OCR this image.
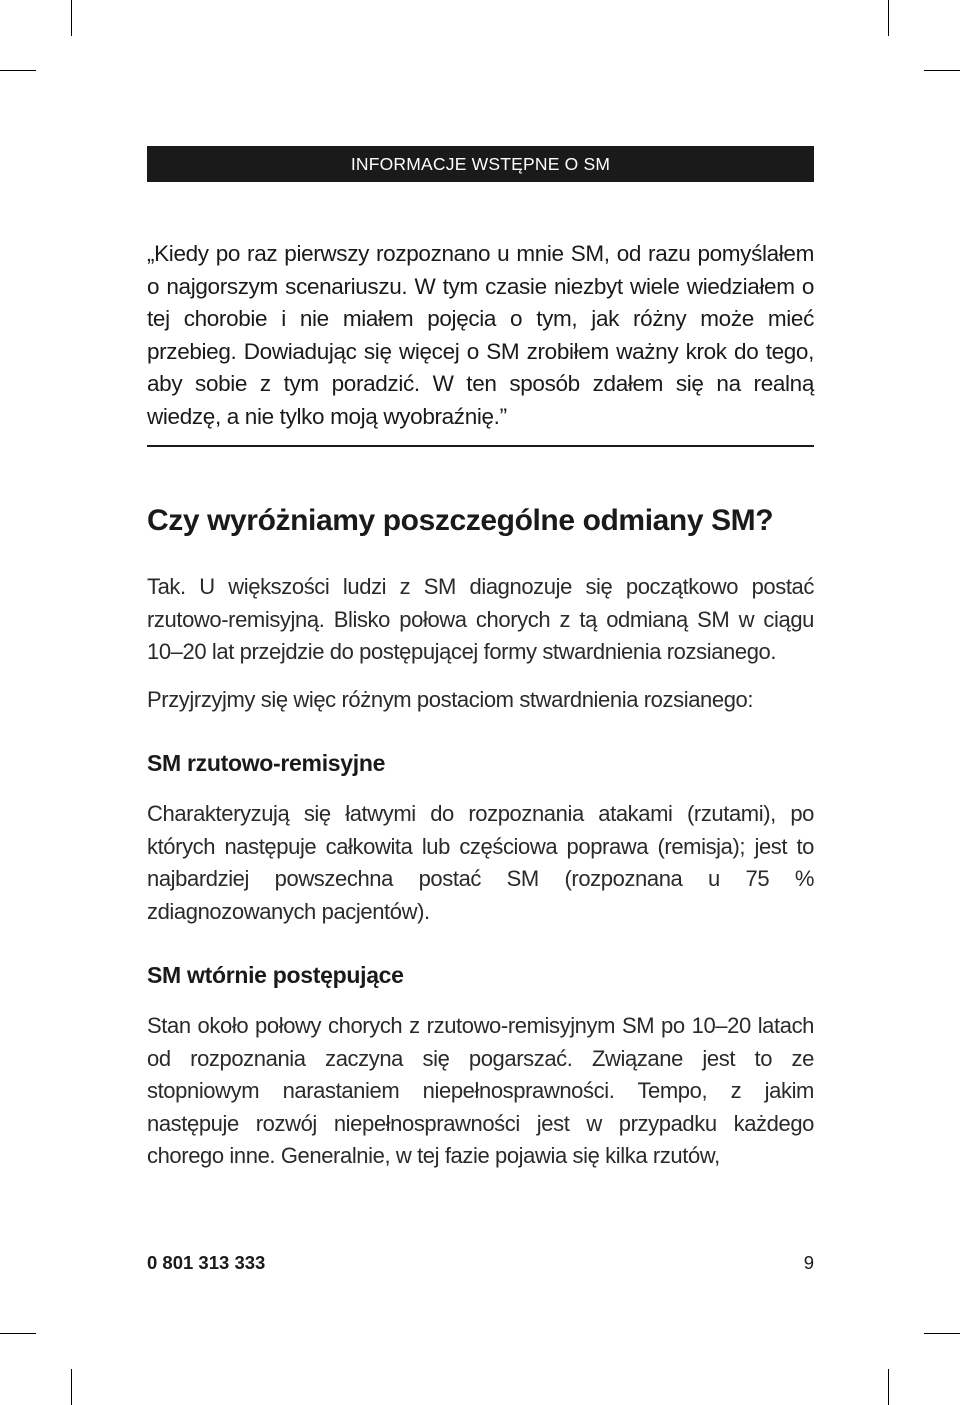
INFORMACJE WSTĘPNE O SM

„Kiedy po raz pierwszy rozpoznano u mnie SM, od razu pomyślałem o najgorszym scenariuszu. W tym czasie niezbyt wiele wiedziałem o tej chorobie i nie miałem pojęcia o tym, jak różny może mieć przebieg. Dowiadując się więcej o SM zrobiłem ważny krok do tego, aby sobie z tym poradzić. W ten sposób zdałem się na realną wiedzę, a nie tylko moją wyobraźnię.”

Czy wyróżniamy poszczególne odmiany SM?

Tak. U większości ludzi z SM diagnozuje się początkowo postać rzutowo-remisyjną. Blisko połowa chorych z tą odmianą SM w ciągu 10–20 lat przejdzie do postępującej formy stwardnienia rozsianego.

Przyjrzyjmy się więc różnym postaciom stwardnienia rozsianego:

SM rzutowo-remisyjne

Charakteryzują się łatwymi do rozpoznania atakami (rzutami), po których następuje całkowita lub częściowa poprawa (remisja); jest to najbardziej powszechna postać SM (rozpoznana u 75 % zdiagnozowanych pacjentów).

SM wtórnie postępujące

Stan około połowy chorych z rzutowo-remisyjnym SM po 10–20 latach od rozpoznania zaczyna się pogarszać. Związane jest to ze stopniowym narastaniem niepełnosprawności. Tempo, z jakim następuje rozwój niepełnosprawności jest w przypadku każdego chorego inne. Generalnie, w tej fazie pojawia się kilka rzutów,

0 801 313 333	9
